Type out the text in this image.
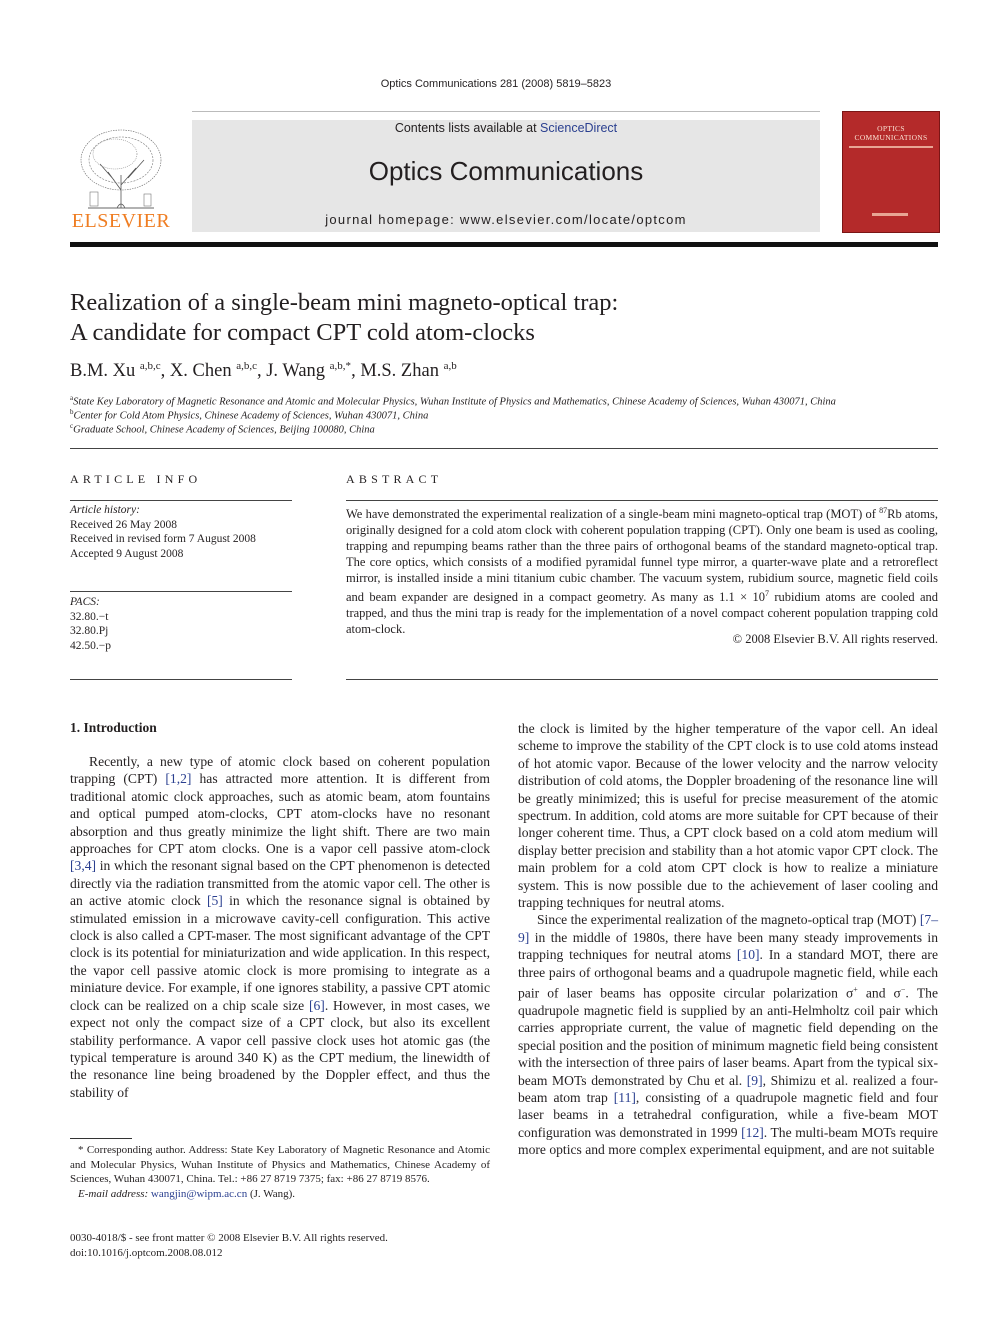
Optics Communications 281 (2008) 5819–5823
ELSEVIER
Contents lists available at ScienceDirect
Optics Communications
journal homepage: www.elsevier.com/locate/optcom
OPTICS COMMUNICATIONS
Realization of a single-beam mini magneto-optical trap:
A candidate for compact CPT cold atom-clocks
B.M. Xu $^{a,b,c}$, X. Chen $^{a,b,c}$, J. Wang $^{a,b,*}$, M.S. Zhan $^{a,b}$
$^a$State Key Laboratory of Magnetic Resonance and Atomic and Molecular Physics, Wuhan Institute of Physics and Mathematics, Chinese Academy of Sciences, Wuhan 430071, China
$^b$Center for Cold Atom Physics, Chinese Academy of Sciences, Wuhan 430071, China
$^c$Graduate School, Chinese Academy of Sciences, Beijing 100080, China
ARTICLE INFO
Article history:
Received 26 May 2008
Received in revised form 7 August 2008
Accepted 9 August 2008
PACS:
32.80.−t
32.80.Pj
42.50.−p
ABSTRACT
We have demonstrated the experimental realization of a single-beam mini magneto-optical trap (MOT) of $^{87}$Rb atoms, originally designed for a cold atom clock with coherent population trapping (CPT). Only one beam is used as cooling, trapping and repumping beams rather than the three pairs of orthogonal beams of the standard magneto-optical trap. The core optics, which consists of a modified pyramidal funnel type mirror, a quarter-wave plate and a retroreflect mirror, is installed inside a mini titanium cubic chamber. The vacuum system, rubidium source, magnetic field coils and beam expander are designed in a compact geometry. As many as $1.1 \times 10^7$ rubidium atoms are cooled and trapped, and thus the mini trap is ready for the implementation of a novel compact coherent population trapping cold atom-clock.
© 2008 Elsevier B.V. All rights reserved.
1. Introduction

Recently, a new type of atomic clock based on coherent population trapping (CPT) [1,2] has attracted more attention. It is different from traditional atomic clock approaches, such as atomic beam, atom fountains and optical pumped atom-clocks, CPT atom-clocks have no resonant absorption and thus greatly minimize the light shift. There are two main approaches for CPT atom clocks. One is a vapor cell passive atom-clock [3,4] in which the resonant signal based on the CPT phenomenon is detected directly via the radiation transmitted from the atomic vapor cell. The other is an active atomic clock [5] in which the resonance signal is obtained by stimulated emission in a microwave cavity-cell configuration. This active clock is also called a CPT-maser. The most significant advantage of the CPT clock is its potential for miniaturization and wide application. In this respect, the vapor cell passive atomic clock is more promising to integrate as a miniature device. For example, if one ignores stability, a passive CPT atomic clock can be realized on a chip scale size [6]. However, in most cases, we expect not only the compact size of a CPT clock, but also its excellent stability performance. A vapor cell passive clock uses hot atomic gas (the typical temperature is around 340 K) as the CPT medium, the linewidth of the resonance line being broadened by the Doppler effect, and thus the stability of

the clock is limited by the higher temperature of the vapor cell. An ideal scheme to improve the stability of the CPT clock is to use cold atoms instead of hot atomic vapor. Because of the lower velocity and the narrow velocity distribution of cold atoms, the Doppler broadening of the resonance line will be greatly minimized; this is useful for precise measurement of the atomic spectrum. In addition, cold atoms are more suitable for CPT because of their longer coherent time. Thus, a CPT clock based on a cold atom medium will display better precision and stability than a hot atomic vapor CPT clock. The main problem for a cold atom CPT clock is how to realize a miniature system. This is now possible due to the achievement of laser cooling and trapping techniques for neutral atoms.

Since the experimental realization of the magneto-optical trap (MOT) [7–9] in the middle of 1980s, there have been many steady improvements in trapping techniques for neutral atoms [10]. In a standard MOT, there are three pairs of orthogonal beams and a quadrupole magnetic field, while each pair of laser beams has opposite circular polarization σ+ and σ−. The quadrupole magnetic field is supplied by an anti-Helmholtz coil pair which carries appropriate current, the value of magnetic field depending on the special position and the position of minimum magnetic field being consistent with the intersection of three pairs of laser beams. Apart from the typical six-beam MOTs demonstrated by Chu et al. [9], Shimizu et al. realized a four-beam atom trap [11], consisting of a quadrupole magnetic field and four laser beams in a tetrahedral configuration, while a five-beam MOT configuration was demonstrated in 1999 [12]. The multi-beam MOTs require more optics and more complex experimental equipment, and are not suitable

* Corresponding author. Address: State Key Laboratory of Magnetic Resonance and Atomic and Molecular Physics, Wuhan Institute of Physics and Mathematics, Chinese Academy of Sciences, Wuhan 430071, China. Tel.: +86 27 8719 7375; fax: +86 27 8719 8576.

E-mail address: wangjin@wipm.ac.cn (J. Wang).

0030-4018/$ - see front matter © 2008 Elsevier B.V. All rights reserved.
doi:10.1016/j.optcom.2008.08.012
